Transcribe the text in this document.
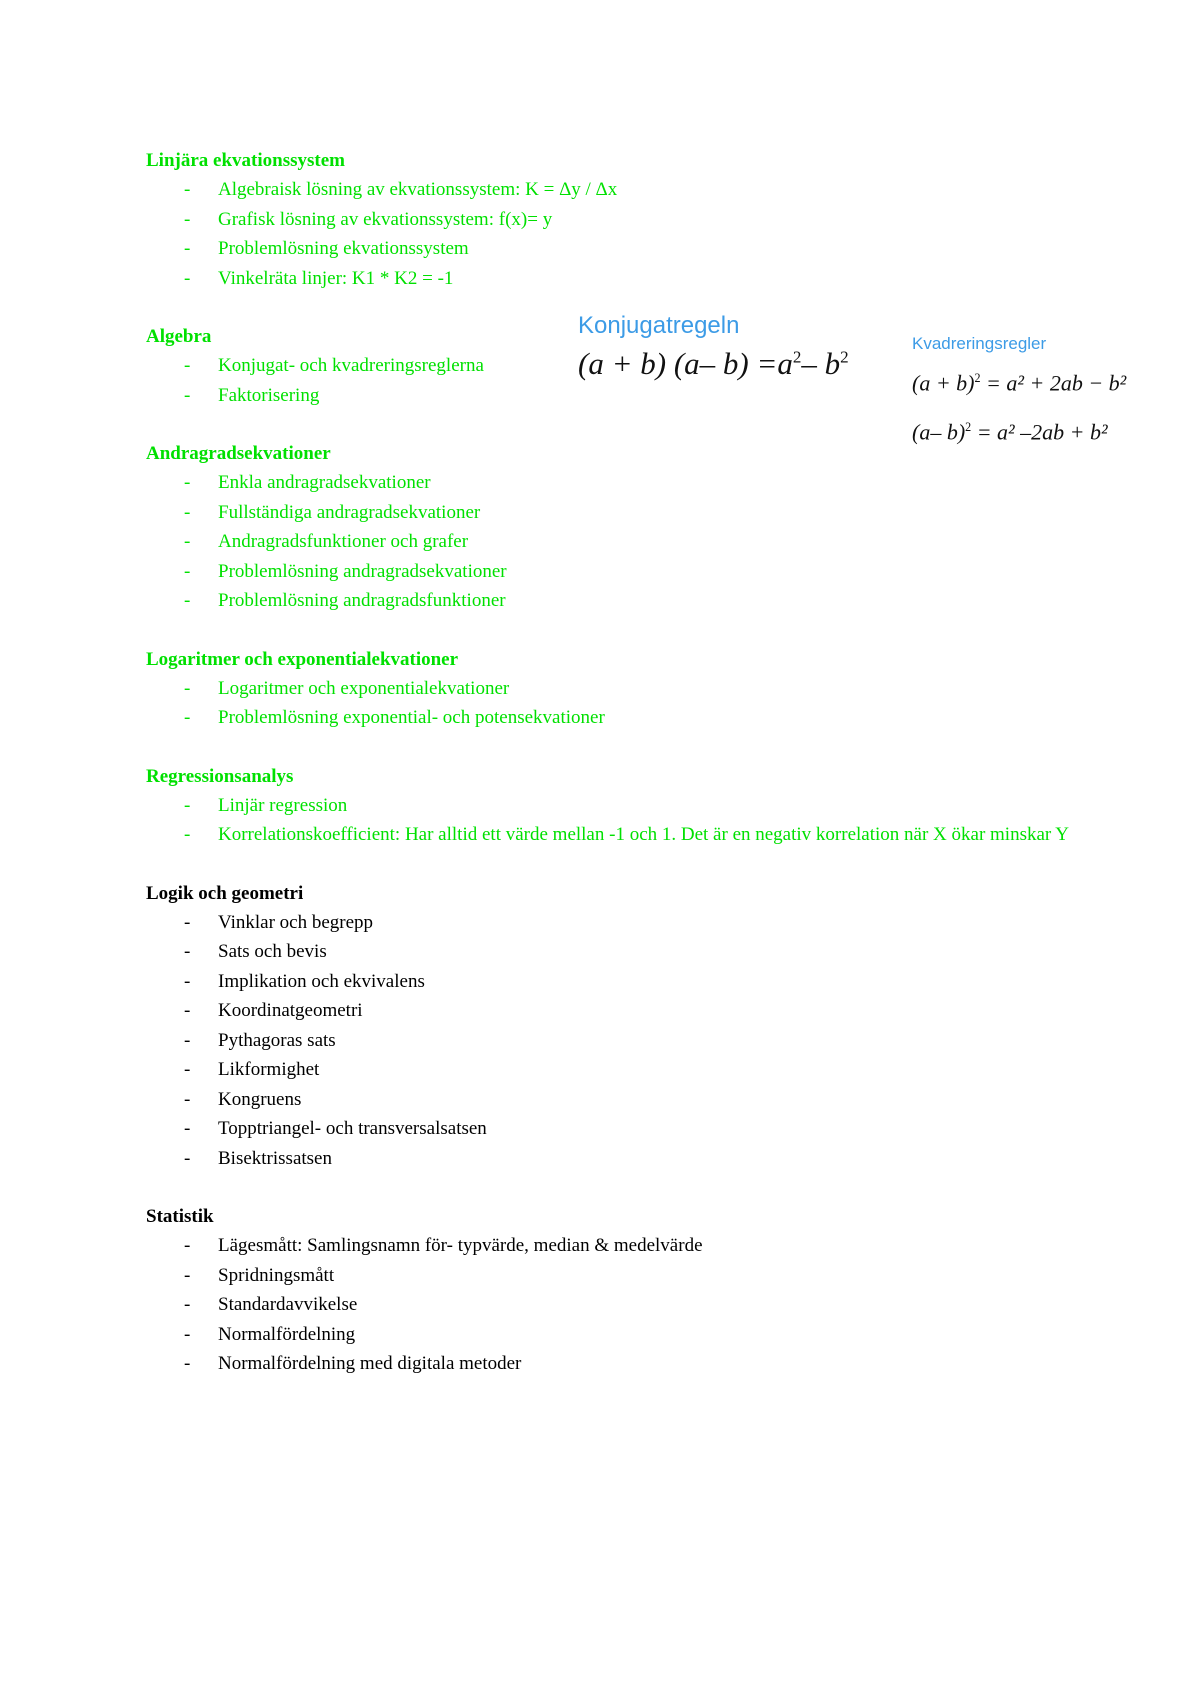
Linjära ekvationssystem
- Algebraisk lösning av ekvationssystem: K = Δy / Δx
- Grafisk lösning av ekvationssystem: f(x)= y
- Problemlösning ekvationssystem
- Vinkelräta linjer: K1 * K2 = -1
Algebra
- Konjugat- och kvadreringsreglerna
- Faktorisering
Andragradsekvationer
- Enkla andragradsekvationer
- Fullständiga andragradsekvationer
- Andragradsfunktioner och grafer
- Problemlösning andragradsekvationer
- Problemlösning andragradsfunktioner
Logaritmer och exponentialekvationer
- Logaritmer och exponentialekvationer
- Problemlösning exponential- och potensekvationer
Regressionsanalys
- Linjär regression
- Korrelationskoefficient: Har alltid ett värde mellan -1 och 1. Det är en negativ korrelation när X ökar minskar Y
Logik och geometri
- Vinklar och begrepp
- Sats och bevis
- Implikation och ekvivalens
- Koordinatgeometri
- Pythagoras sats
- Likformighet
- Kongruens
- Topptriangel- och transversalsatsen
- Bisektrissatsen
Statistik
- Lägesmått: Samlingsnamn för- typvärde, median & medelvärde
- Spridningsmått
- Standardavvikelse
- Normalfördelning
- Normalfördelning med digitala metoder
Konjugatregeln
(a + b) (a– $b) =a^2-$ $b^2$
Kvadreringsregler
$(a + b)^2 = a^2 + 2ab - b^2$
(a– b)$^2$ = a² –2ab + b²
